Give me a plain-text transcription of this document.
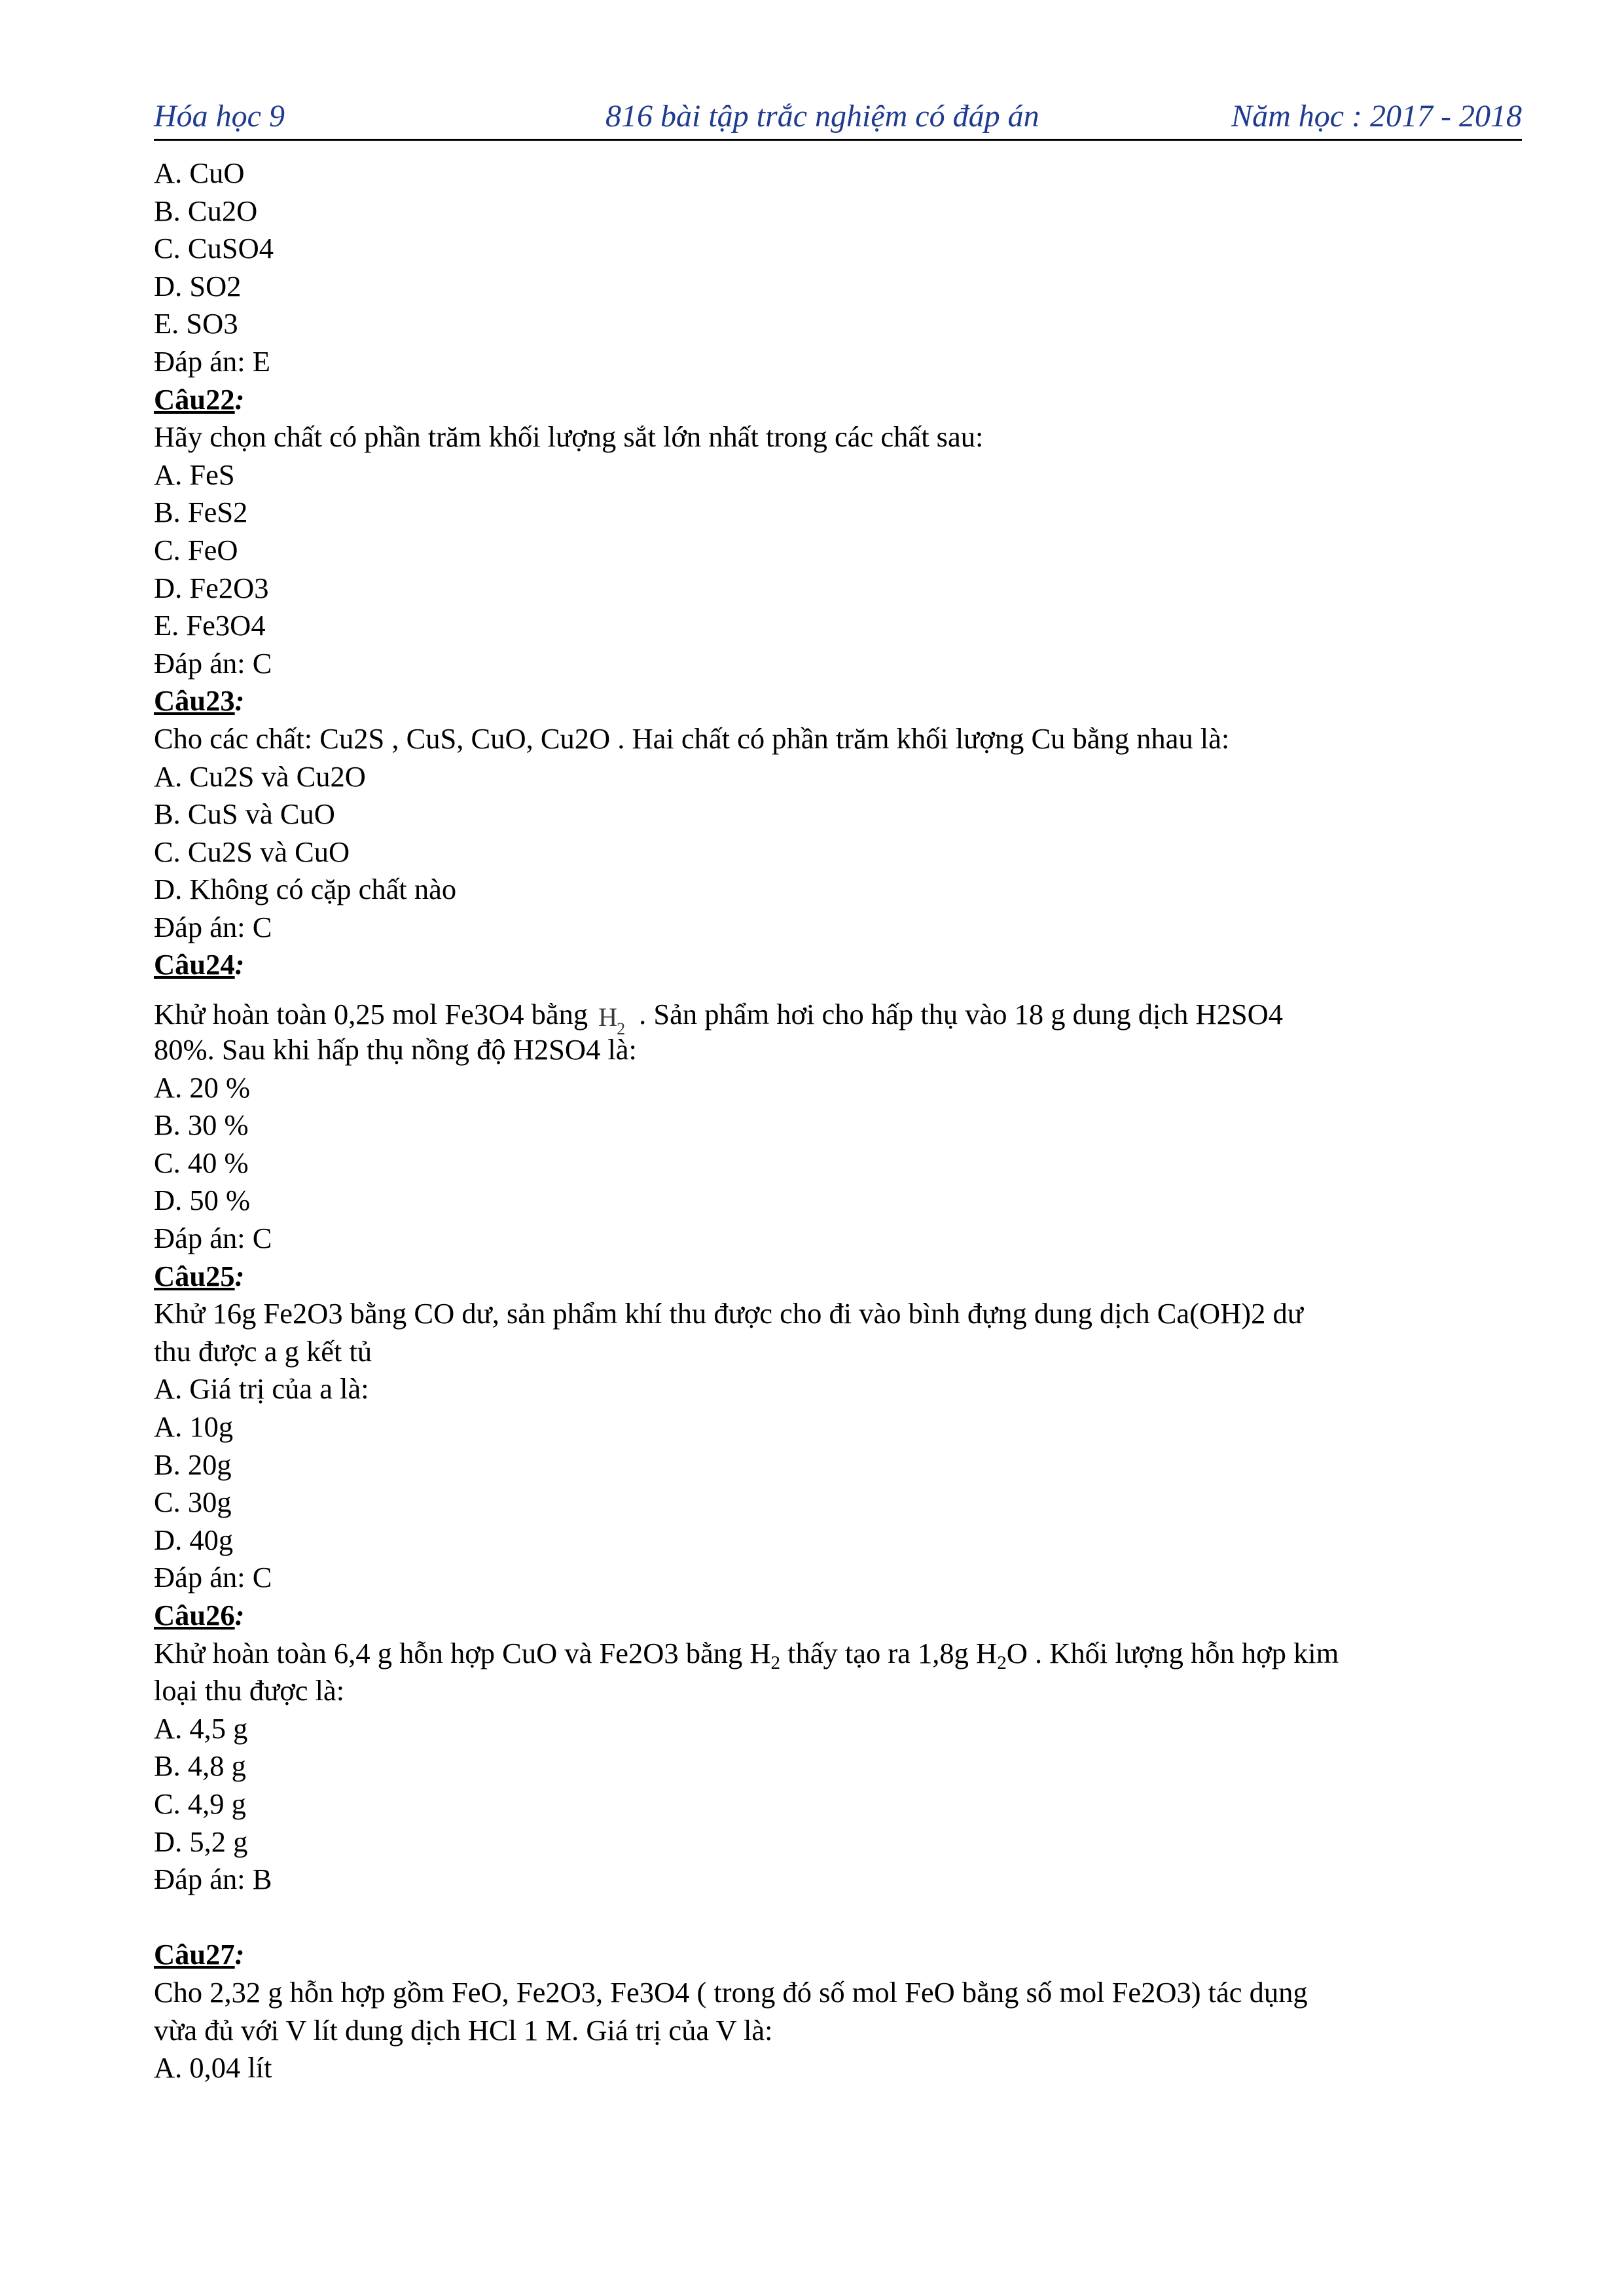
Hóa học 9	816 bài tập trắc nghiệm có đáp án	Năm học : 2017 - 2018
A. CuO
B. Cu2O
C. CuSO4
D. SO2
E. SO3
Đáp án: E
Câu22:
Hãy chọn chất có phần trăm khối lượng sắt lớn nhất trong các chất sau:
A. FeS
B. FeS2
C. FeO
D. Fe2O3
E. Fe3O4
Đáp án: C
Câu23:
Cho các chất: Cu2S , CuS, CuO, Cu2O . Hai chất có phần trăm khối lượng Cu bằng nhau là:
A. Cu2S và Cu2O
B. CuS và CuO
C. Cu2S và CuO
D. Không có cặp chất nào
Đáp án: C
Câu24:
Khử hoàn toàn 0,25 mol Fe3O4 bằng H 2 . Sản phẩm hơi cho hấp thụ vào 18 g dung dịch H2SO4
80%. Sau khi hấp thụ nồng độ H2SO4 là:
A. 20 %
B. 30 %
C. 40 %
D. 50 %
Đáp án: C
Câu25:
Khử 16g Fe2O3 bằng CO dư, sản phẩm khí thu được cho đi vào bình đựng dung dịch Ca(OH)2 dư
thu được a g kết tủ
A. Giá trị của a là:
A. 10g
B. 20g
C. 30g
D. 40g
Đáp án: C
Câu26:
Khử hoàn toàn 6,4 g hỗn hợp CuO và Fe2O3 bằng $H_2$ thấy tạo ra 1,8g $H_2O$ . Khối lượng hỗn hợp kim
loại thu được là:
A. 4,5 g
B. 4,8 g
C. 4,9 g
D. 5,2 g
Đáp án: B
Câu27:
Cho 2,32 g hỗn hợp gồm FeO, Fe2O3, Fe3O4 ( trong đó số mol FeO bằng số mol Fe2O3) tác dụng
vừa đủ với V lít dung dịch HCl 1 M. Giá trị của V là:
A. 0,04 lít
